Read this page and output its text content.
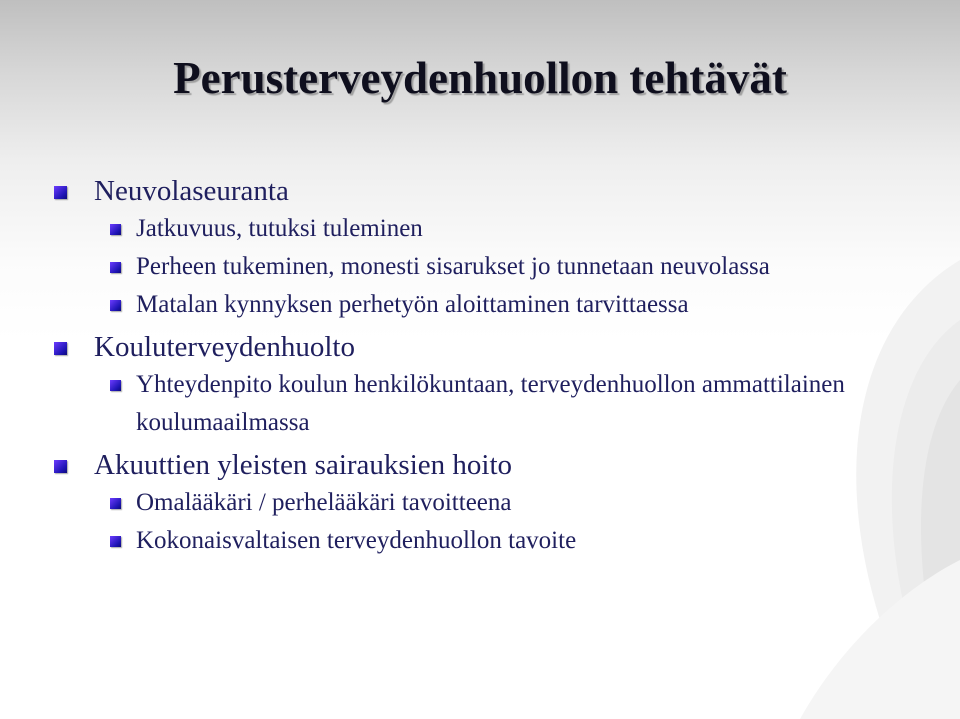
Perusterveydenhuollon tehtävät
Neuvolaseuranta
Jatkuvuus, tutuksi tuleminen
Perheen tukeminen, monesti sisarukset jo tunnetaan neuvolassa
Matalan kynnyksen perhetyön aloittaminen tarvittaessa
Kouluterveydenhuolto
Yhteydenpito koulun henkilökuntaan, terveydenhuollon ammattilainen koulumaailmassa
Akuuttien yleisten sairauksien hoito
Omalääkäri / perhelääkäri tavoitteena
Kokonaisvaltaisen terveydenhuollon tavoite
